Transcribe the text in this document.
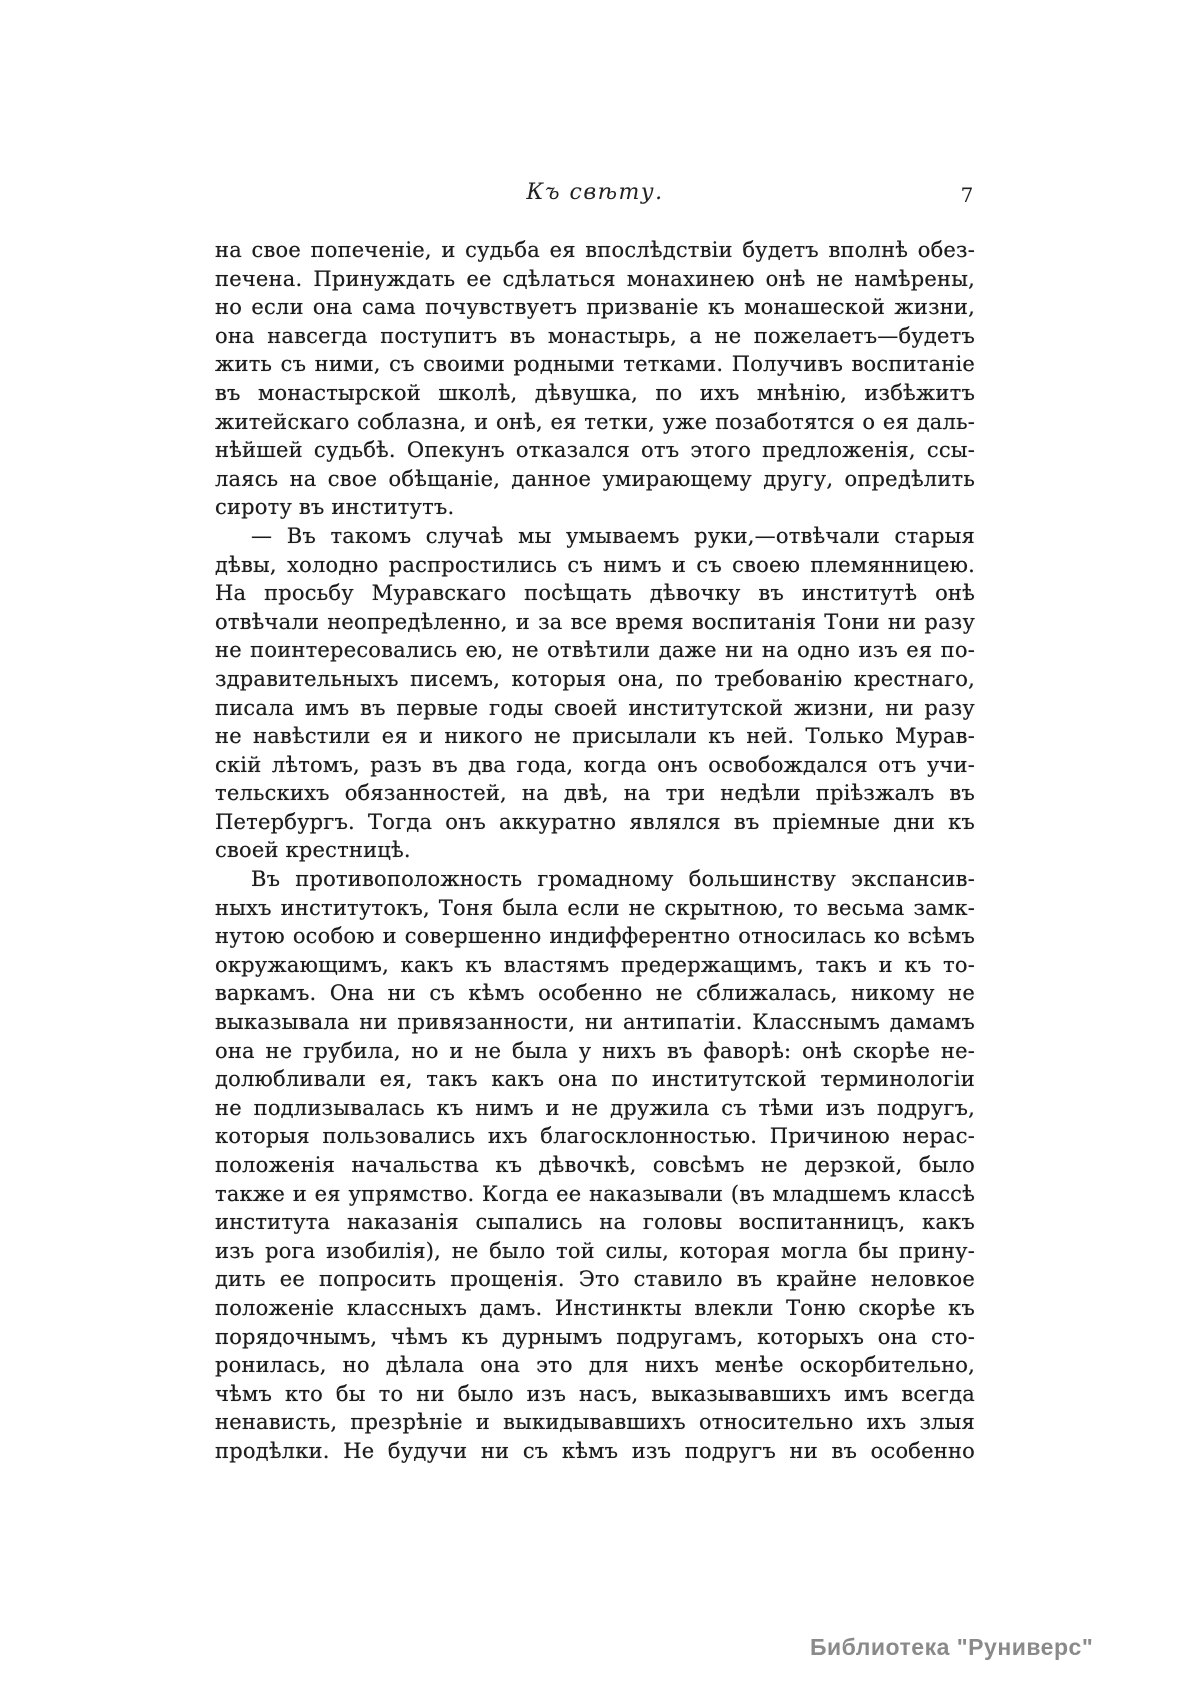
Къ свѣту.	7
на свое попеченіе, и судьба ея впослѣдствіи будетъ вполнѣ обез-
печена. Принуждать ее сдѣлаться монахинею онѣ не намѣрены,
но если она сама почувствуетъ призваніе къ монашеской жизни,
она навсегда поступитъ въ монастырь, а не пожелаетъ—будетъ
жить съ ними, съ своими родными тетками. Получивъ воспитаніе
въ монастырской школѣ, дѣвушка, по ихъ мнѣнію, избѣжитъ
житейскаго соблазна, и онѣ, ея тетки, уже позаботятся о ея даль-
нѣйшей судьбѣ. Опекунъ отказался отъ этого предложенія, ссы-
лаясь на свое обѣщаніе, данное умирающему другу, опредѣлить
сироту въ институтъ.
— Въ такомъ случаѣ мы умываемъ руки,—отвѣчали старыя
дѣвы, холодно распростились съ нимъ и съ своею племянницею.
На просьбу Муравскаго посѣщать дѣвочку въ институтѣ онѣ
отвѣчали неопредѣленно, и за все время воспитанія Тони ни разу
не поинтересовались ею, не отвѣтили даже ни на одно изъ ея по-
здравительныхъ писемъ, которыя она, по требованію крестнаго,
писала имъ въ первые годы своей институтской жизни, ни разу
не навѣстили ея и никого не присылали къ ней. Только Мурав-
скій лѣтомъ, разъ въ два года, когда онъ освобождался отъ учи-
тельскихъ обязанностей, на двѣ, на три недѣли пріѣзжалъ въ
Петербургъ. Тогда онъ аккуратно являлся въ пріемные дни къ
своей крестницѣ.
Въ противоположность громадному большинству экспансив-
ныхъ институтокъ, Тоня была если не скрытною, то весьма замк-
нутою особою и совершенно индифферентно относилась ко всѣмъ
окружающимъ, какъ къ властямъ предержащимъ, такъ и къ то-
варкамъ. Она ни съ кѣмъ особенно не сближалась, никому не
выказывала ни привязанности, ни антипатіи. Класснымъ дамамъ
она не грубила, но и не была у нихъ въ фаворѣ: онѣ скорѣе не-
долюбливали ея, такъ какъ она по институтской терминологіи
не подлизывалась къ нимъ и не дружила съ тѣми изъ подругъ,
которыя пользовались ихъ благосклонностью. Причиною нерас-
положенія начальства къ дѣвочкѣ, совсѣмъ не дерзкой, было
также и ея упрямство. Когда ее наказывали (въ младшемъ классѣ
института наказанія сыпались на головы воспитанницъ, какъ
изъ рога изобилія), не было той силы, которая могла бы прину-
дить ее попросить прощенія. Это ставило въ крайне неловкое
положеніе классныхъ дамъ. Инстинкты влекли Тоню скорѣе къ
порядочнымъ, чѣмъ къ дурнымъ подругамъ, которыхъ она сто-
ронилась, но дѣлала она это для нихъ менѣе оскорбительно,
чѣмъ кто бы то ни было изъ насъ, выказывавшихъ имъ всегда
ненависть, презрѣніе и выкидывавшихъ относительно ихъ злыя
продѣлки. Не будучи ни съ кѣмъ изъ подругъ ни въ особенно
Библиотека "Руниверс"
